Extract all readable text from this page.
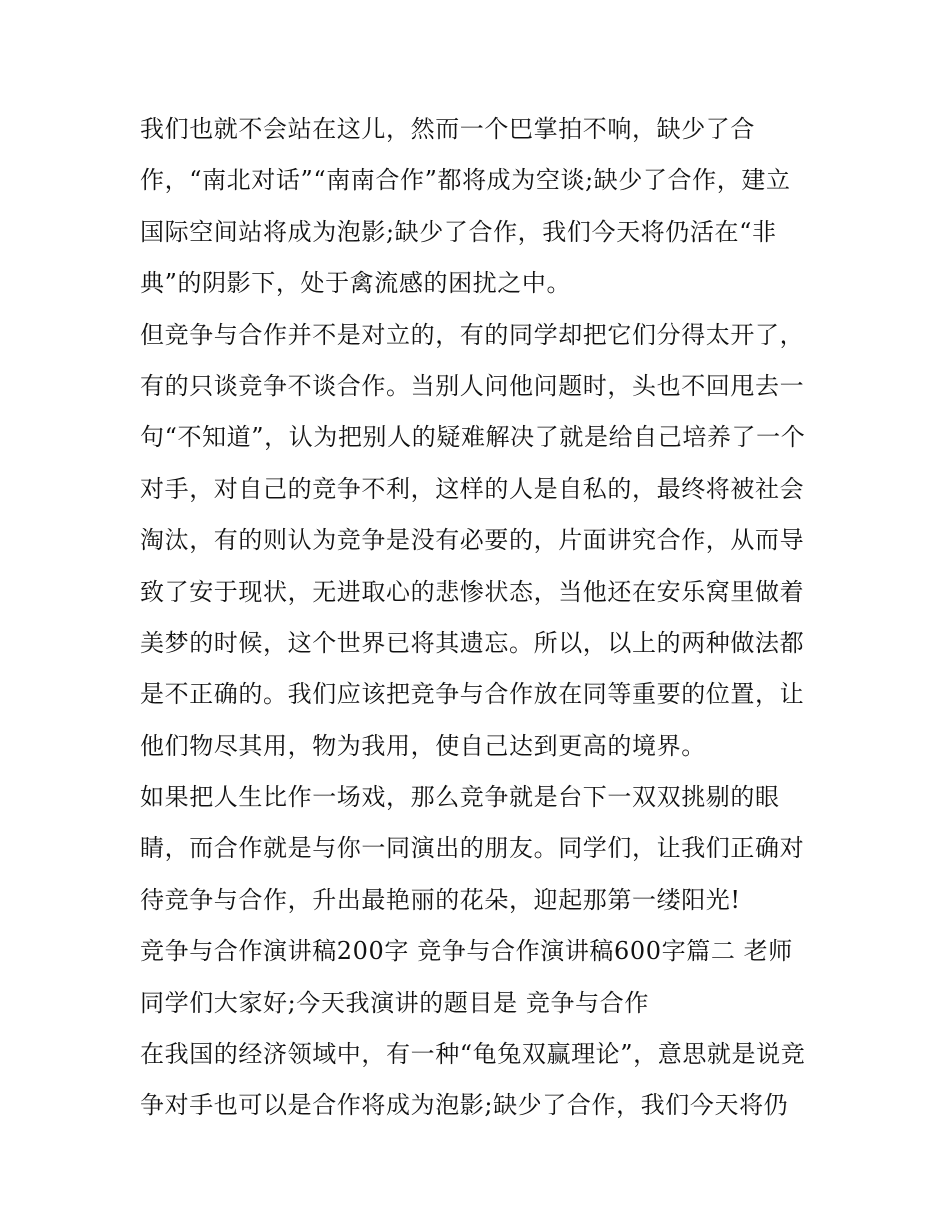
我们也就不会站在这儿，然而一个巴掌拍不响，缺少了合
作，“南北对话”“南南合作”都将成为空谈;缺少了合作，建立
国际空间站将成为泡影;缺少了合作，我们今天将仍活在“非
典”的阴影下，处于禽流感的困扰之中。
但竞争与合作并不是对立的，有的同学却把它们分得太开了，
有的只谈竞争不谈合作。当别人问他问题时，头也不回甩去一
句“不知道”，认为把别人的疑难解决了就是给自己培养了一个
对手，对自己的竞争不利，这样的人是自私的，最终将被社会
淘汰，有的则认为竞争是没有必要的，片面讲究合作，从而导
致了安于现状，无进取心的悲惨状态，当他还在安乐窝里做着
美梦的时候，这个世界已将其遗忘。所以，以上的两种做法都
是不正确的。我们应该把竞争与合作放在同等重要的位置，让
他们物尽其用，物为我用，使自己达到更高的境界。
如果把人生比作一场戏，那么竞争就是台下一双双挑剔的眼
睛，而合作就是与你一同演出的朋友。同学们，让我们正确对
待竞争与合作，升出最艳丽的花朵，迎起那第一缕阳光!
竞争与合作演讲稿200字 竞争与合作演讲稿600字篇二 老师
同学们大家好;今天我演讲的题目是 竞争与合作
在我国的经济领域中，有一种“龟兔双赢理论”，意思就是说竞
争对手也可以是合作将成为泡影;缺少了合作，我们今天将仍
